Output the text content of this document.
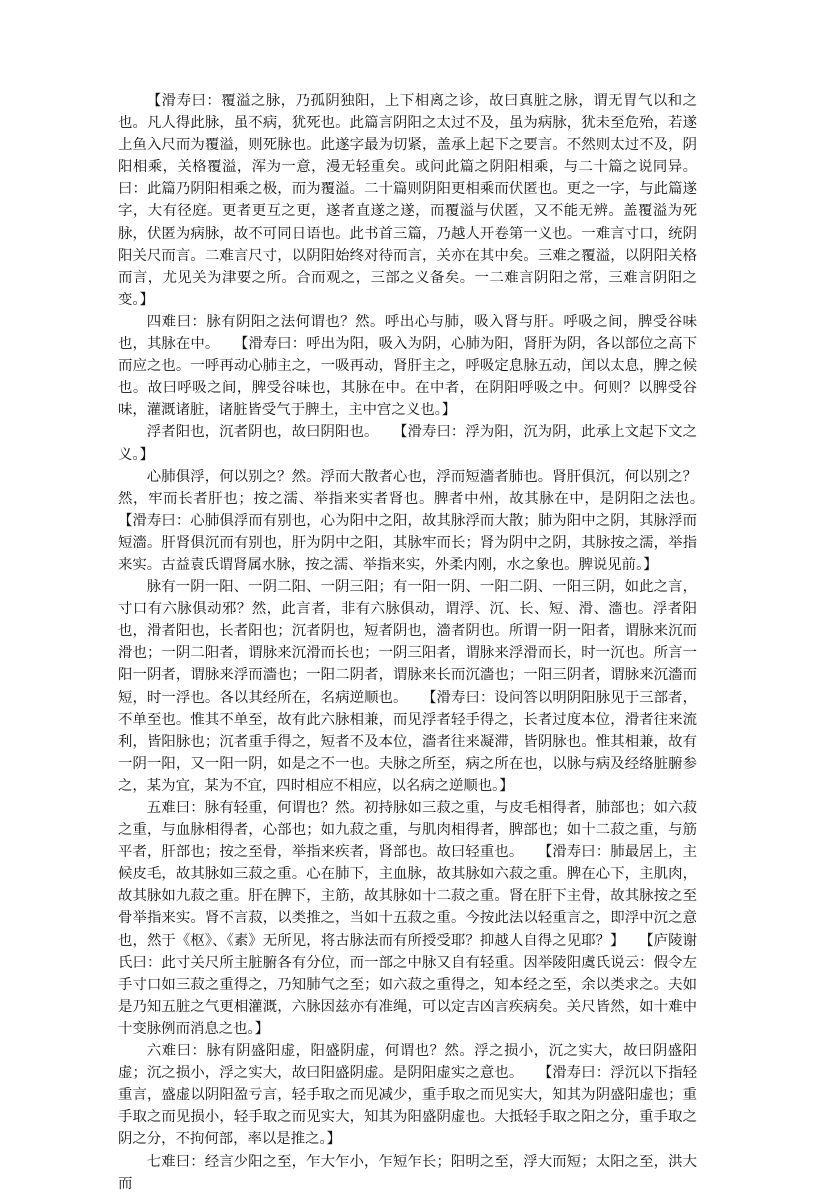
【滑寿曰：覆溢之脉，乃孤阴独阳，上下相离之诊，故曰真脏之脉，谓无胃气以和之也。凡人得此脉，虽不病，犹死也。此篇言阴阳之太过不及，虽为病脉，犹未至危殆，若遂上鱼入尺而为覆溢，则死脉也。此遂字最为切紧，盖承上起下之要言。不然则太过不及，阴阳相乘，关格覆溢，浑为一意，漫无轻重矣。或问此篇之阴阳相乘，与二十篇之说同异。曰：此篇乃阴阳相乘之极，而为覆溢。二十篇则阴阳更相乘而伏匿也。更之一字，与此篇遂字，大有径庭。更者更互之更，遂者直遂之遂，而覆溢与伏匿，又不能无辨。盖覆溢为死脉，伏匿为病脉，故不可同日语也。此书首三篇，乃越人开卷第一义也。一难言寸口，统阴阳关尺而言。二难言尺寸，以阴阳始终对待而言，关亦在其中矣。三难之覆溢，以阴阳关格而言，尤见关为津要之所。合而观之，三部之义备矣。一二难言阴阳之常，三难言阴阳之变。】

四难曰：脉有阴阳之法何谓也？然。呼出心与肺，吸入肾与肝。呼吸之间，脾受谷味也，其脉在中。　　【滑寿曰：呼出为阳，吸入为阴，心肺为阳，肾肝为阴，各以部位之高下而应之也。一呼再动心肺主之，一吸再动，肾肝主之，呼吸定息脉五动，闰以太息，脾之候也。故曰呼吸之间，脾受谷味也，其脉在中。在中者，在阴阳呼吸之中。何则？以脾受谷味，灌溉诸脏，诸脏皆受气于脾土，主中宫之义也。】

浮者阳也，沉者阴也，故曰阴阳也。　　【滑寿曰：浮为阳，沉为阴，此承上文起下文之义。】

心肺俱浮，何以别之？然。浮而大散者心也，浮而短濇者肺也。肾肝俱沉，何以别之？然，牢而长者肝也；按之濡、举指来实者肾也。脾者中州，故其脉在中，是阴阳之法也。　　【滑寿曰：心肺俱浮而有别也，心为阳中之阳，故其脉浮而大散；肺为阳中之阴，其脉浮而短濇。肝肾俱沉而有别也，肝为阴中之阳，其脉牢而长；肾为阴中之阴，其脉按之濡，举指来实。古益袁氏谓肾属水脉，按之濡、举指来实，外柔内刚，水之象也。脾说见前。】

脉有一阴一阳、一阴二阳、一阴三阳；有一阳一阴、一阳二阴、一阳三阴，如此之言，寸口有六脉俱动邪？然，此言者，非有六脉俱动，谓浮、沉、长、短、滑、濇也。浮者阳也，滑者阳也，长者阳也；沉者阴也，短者阴也，濇者阴也。所谓一阴一阳者，谓脉来沉而滑也；一阴二阳者，谓脉来沉滑而长也；一阴三阳者，谓脉来浮滑而长，时一沉也。所言一阳一阴者，谓脉来浮而濇也；一阳二阴者，谓脉来长而沉濇也；一阳三阴者，谓脉来沉濇而短，时一浮也。各以其经所在，名病逆顺也。　　【滑寿曰：设问答以明阴阳脉见于三部者，不单至也。惟其不单至，故有此六脉相兼，而见浮者轻手得之，长者过度本位，滑者往来流利，皆阳脉也；沉者重手得之，短者不及本位，濇者往来凝滞，皆阴脉也。惟其相兼，故有一阴一阳，又一阳一阴，如是之不一也。夫脉之所至，病之所在也，以脉与病及经络脏腑参之，某为宜，某为不宜，四时相应不相应，以名病之逆顺也。】

五难曰：脉有轻重，何谓也？然。初持脉如三菽之重，与皮毛相得者，肺部也；如六菽之重，与血脉相得者，心部也；如九菽之重，与肌肉相得者，脾部也；如十二菽之重，与筋平者，肝部也；按之至骨，举指来疾者，肾部也。故曰轻重也。　　【滑寿曰：肺最居上，主候皮毛，故其脉如三菽之重。心在肺下，主血脉，故其脉如六菽之重。脾在心下，主肌肉，故其脉如九菽之重。肝在脾下，主筋，故其脉如十二菽之重。肾在肝下主骨，故其脉按之至骨举指来实。肾不言菽，以类推之，当如十五菽之重。今按此法以轻重言之，即浮中沉之意也，然于《枢》、《素》无所见，将古脉法而有所授受耶？抑越人自得之见耶？】　　【庐陵谢氏曰：此寸关尺所主脏腑各有分位，而一部之中脉又自有轻重。因举陵阳虞氏说云：假令左手寸口如三菽之重得之，乃知肺气之至；如六菽之重得之，知本经之至，余以类求之。夫如是乃知五脏之气更相灌溉，六脉因兹亦有准绳，可以定吉凶言疾病矣。关尺皆然，如十难中十变脉例而消息之也。】

六难曰：脉有阴盛阳虚，阳盛阴虚，何谓也？然。浮之损小，沉之实大，故曰阴盛阳虚；沉之损小，浮之实大，故曰阳盛阴虚。是阴阳虚实之意也。　　【滑寿曰：浮沉以下指轻重言，盛虚以阴阳盈亏言，轻手取之而见减少，重手取之而见实大，知其为阴盛阳虚也；重手取之而见损小，轻手取之而见实大，知其为阳盛阴虚也。大抵轻手取之阳之分，重手取之阴之分，不拘何部，率以是推之。】

七难曰：经言少阳之至，乍大乍小，乍短乍长；阳明之至，浮大而短；太阳之至，洪大而
